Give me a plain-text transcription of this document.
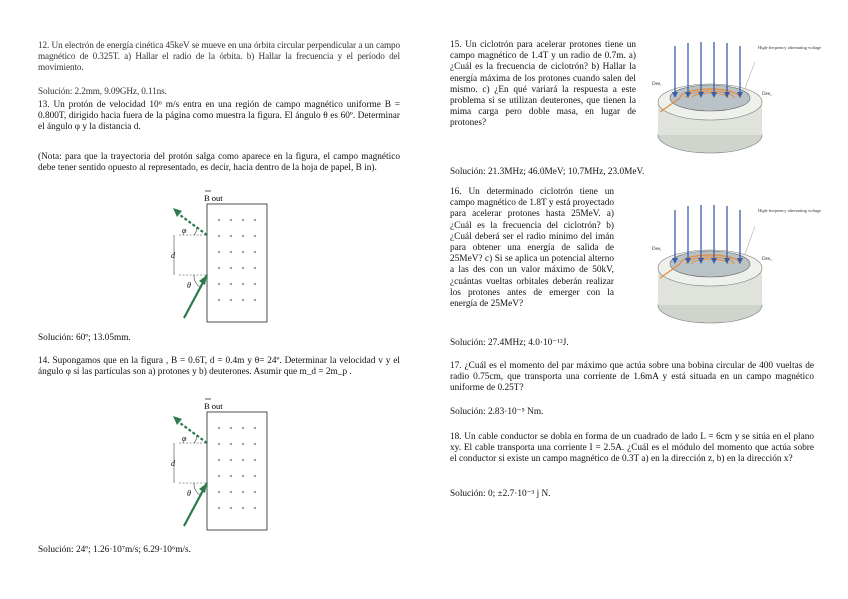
12. Un electrón de energía cinética 45keV se mueve en una órbita circular perpendicular a un campo magnético de 0.325T. a) Hallar el radio de la órbita. b) Hallar la frecuencia y el período del movimiento.

Solución: 2.2mm, 9.09GHz, 0.11ns.

13. Un protón de velocidad 10⁶ m/s entra en una región de campo magnético uniforme B = 0.800T, dirigido hacia fuera de la página como muestra la figura. El ángulo θ es 60º. Determinar el ángulo φ y la distancia d.

(Nota: para que la trayectoria del protón salga como aparece en la figura, el campo magnético debe tener sentido opuesto al representado, es decir, hacia dentro de la hoja de papel, B in).

B out
d
φ
θ

Solución: 60º; 13.05mm.

14. Supongamos que en la figura , B = 0.6T, d = 0.4m y θ= 24º. Determinar la velocidad v y el ángulo φ si las partículas son a) protones y b) deuterones. Asumir que m_d = 2m_p .

B out
d
φ
θ

Solución: 24º; 1.26·10⁷m/s; 6.29·10⁶m/s.

15. Un ciclotrón para acelerar protones tiene un campo magnético de 1.4T y un radio de 0.7m. a) ¿Cuál es la frecuencia de ciclotrón? b) Hallar la energía máxima de los protones cuando salen del mismo. c) ¿En qué variará la respuesta a este problema si se utilizan deuterones, que tienen la mima carga pero doble masa, en lugar de protones?

High-frequency alternating voltage
Dee₁
Dee₂

Solución: 21.3MHz; 46.0MeV; 10.7MHz, 23.0MeV.

16. Un determinado ciclotrón tiene un campo magnético de 1.8T y está proyectado para acelerar protones hasta 25MeV. a) ¿Cuál es la frecuencia del ciclotrón? b) ¿Cuál deberá ser el radio mínimo del imán para obtener una energía de salida de 25MeV? c) Si se aplica un potencial alterno a las des con un valor máximo de 50kV, ¿cuántas vueltas orbitales deberán realizar los protones antes de emerger con la energía de 25MeV?

High-frequency alternating voltage
Dee₁
Dee₂

Solución: 27.4MHz; 4.0·10⁻¹²J.

17. ¿Cuál es el momento del par máximo que actúa sobre una bobina circular de 400 vueltas de radio 0.75cm, que transporta una corriente de 1.6mA y está situada en un campo magnético uniforme de 0.25T?

Solución: 2.83·10⁻⁵ Nm.

18. Un cable conductor se dobla en forma de un cuadrado de lado L = 6cm y se sitúa en el plano xy. El cable transporta una corriente I = 2.5A. ¿Cuál es el módulo del momento que actúa sobre el conductor si existe un campo magnético de 0.3T a) en la dirección z, b) en la dirección x?

Solución: 0; ±2.7·10⁻³ j N.
